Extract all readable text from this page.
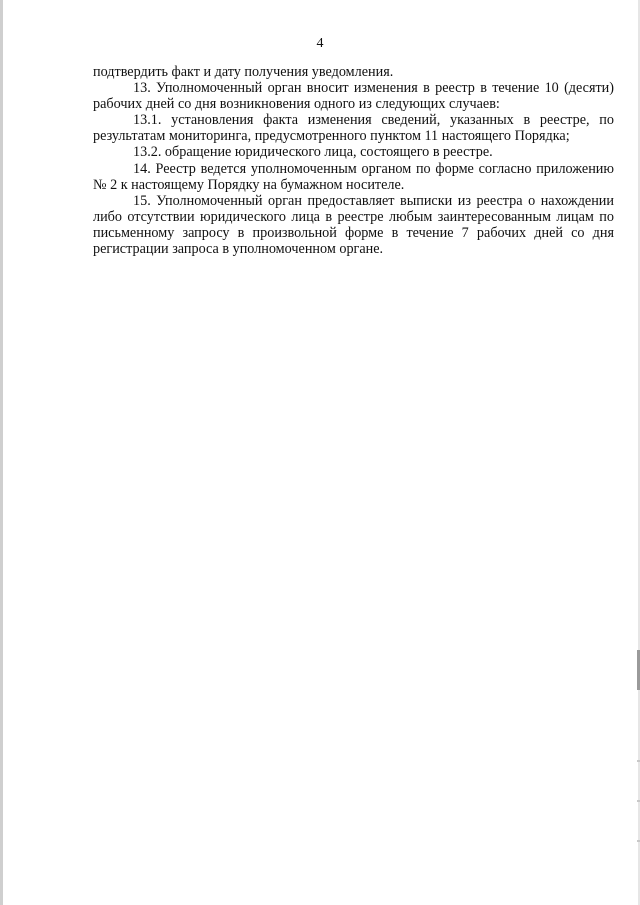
4

подтвердить факт и дату получения уведомления.

13. Уполномоченный орган вносит изменения в реестр в течение 10 (десяти) рабочих дней со дня возникновения одного из следующих случаев:

13.1. установления факта изменения сведений, указанных в реестре, по результатам мониторинга, предусмотренного пунктом 11 настоящего Порядка;

13.2. обращение юридического лица, состоящего в реестре.

14. Реестр ведется уполномоченным органом по форме согласно приложению № 2 к настоящему Порядку на бумажном носителе.

15. Уполномоченный орган предоставляет выписки из реестра о нахождении либо отсутствии юридического лица в реестре любым заинтересованным лицам по письменному запросу в произвольной форме в течение 7 рабочих дней со дня регистрации запроса в уполномоченном органе.
